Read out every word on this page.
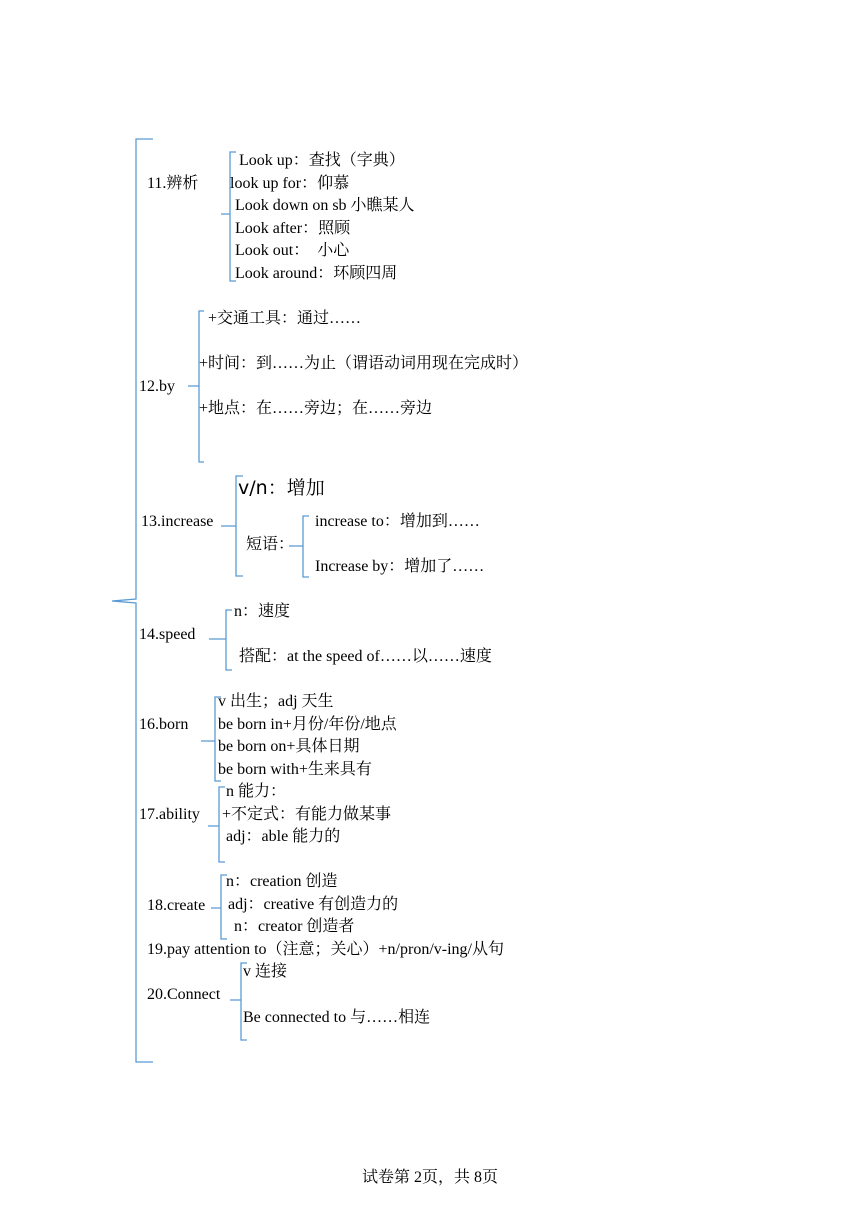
11.辨析
Look up：查找（字典）
look up for：仰慕
Look down on sb 小瞧某人
Look after：照顾
Look out：　小心
Look around：环顾四周
12.by
+交通工具：通过……
+时间：到……为止（谓语动词用现在完成时）
+地点：在……旁边；在……旁边
13.increase
v/n：增加
短语：
increase to：增加到……
Increase by：增加了……
14.speed
n：速度
搭配：at the speed of……以……速度
16.born
v 出生；adj 天生
be born in+月份/年份/地点
be born on+具体日期
be born with+生来具有
17.ability
n 能力：
+不定式：有能力做某事
adj：able 能力的
18.create
n：creation 创造
adj：creative 有创造力的
n：creator 创造者
19.pay attention to（注意；关心）+n/pron/v-ing/从句
20.Connect
v 连接
Be connected to 与……相连
试卷第 2页，共 8页
